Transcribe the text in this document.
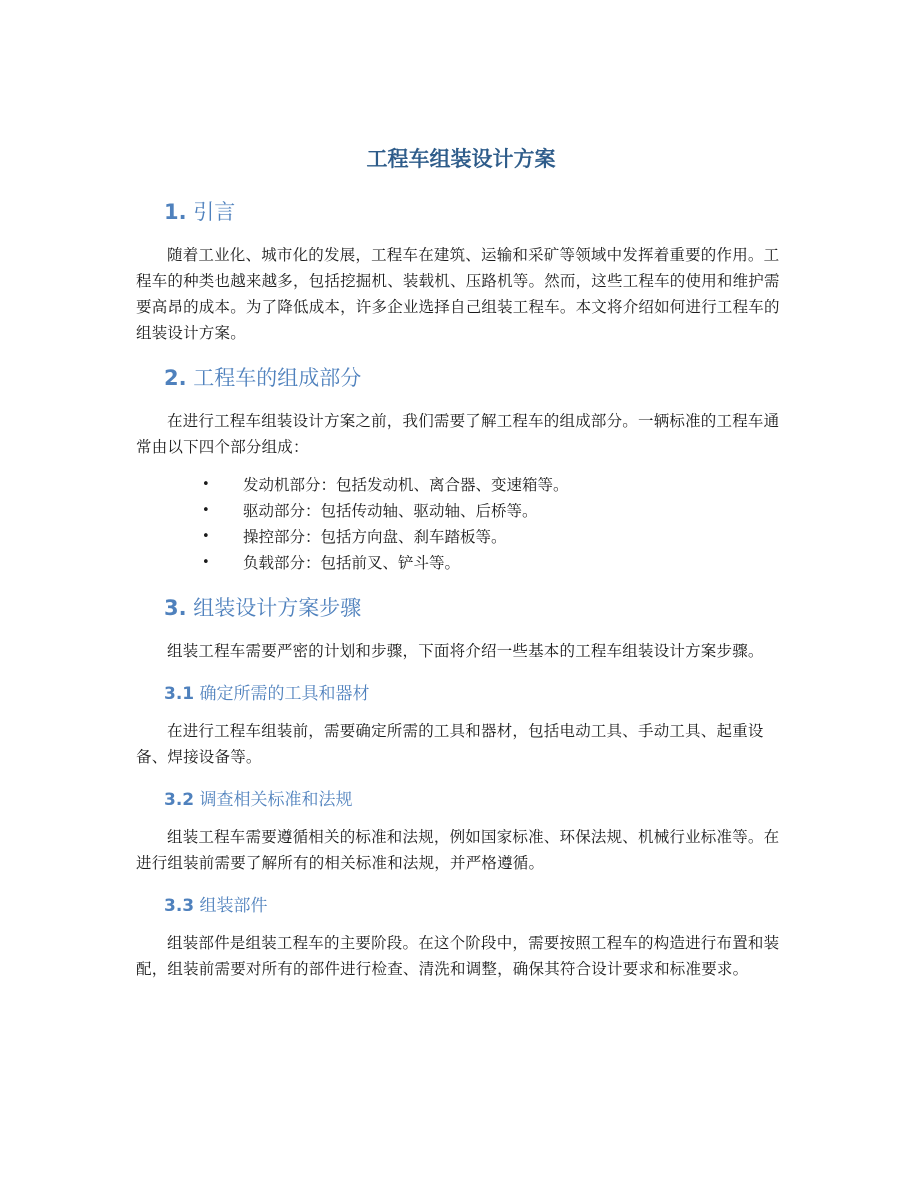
工程车组装设计方案
1. 引言

随着工业化、城市化的发展，工程车在建筑、运输和采矿等领域中发挥着重要的作用。工程车的种类也越来越多，包括挖掘机、装载机、压路机等。然而，这些工程车的使用和维护需要高昂的成本。为了降低成本，许多企业选择自己组装工程车。本文将介绍如何进行工程车的组装设计方案。

2. 工程车的组成部分

在进行工程车组装设计方案之前，我们需要了解工程车的组成部分。一辆标准的工程车通常由以下四个部分组成：

• 发动机部分：包括发动机、离合器、变速箱等。
• 驱动部分：包括传动轴、驱动轴、后桥等。
• 操控部分：包括方向盘、刹车踏板等。
• 负载部分：包括前叉、铲斗等。
3. 组装设计方案步骤

组装工程车需要严密的计划和步骤，下面将介绍一些基本的工程车组装设计方案步骤。

3.1 确定所需的工具和器材

在进行工程车组装前，需要确定所需的工具和器材，包括电动工具、手动工具、起重设备、焊接设备等。

3.2 调查相关标准和法规

组装工程车需要遵循相关的标准和法规，例如国家标准、环保法规、机械行业标准等。在进行组装前需要了解所有的相关标准和法规，并严格遵循。

3.3 组装部件

组装部件是组装工程车的主要阶段。在这个阶段中，需要按照工程车的构造进行布置和装配，组装前需要对所有的部件进行检查、清洗和调整，确保其符合设计要求和标准要求。
